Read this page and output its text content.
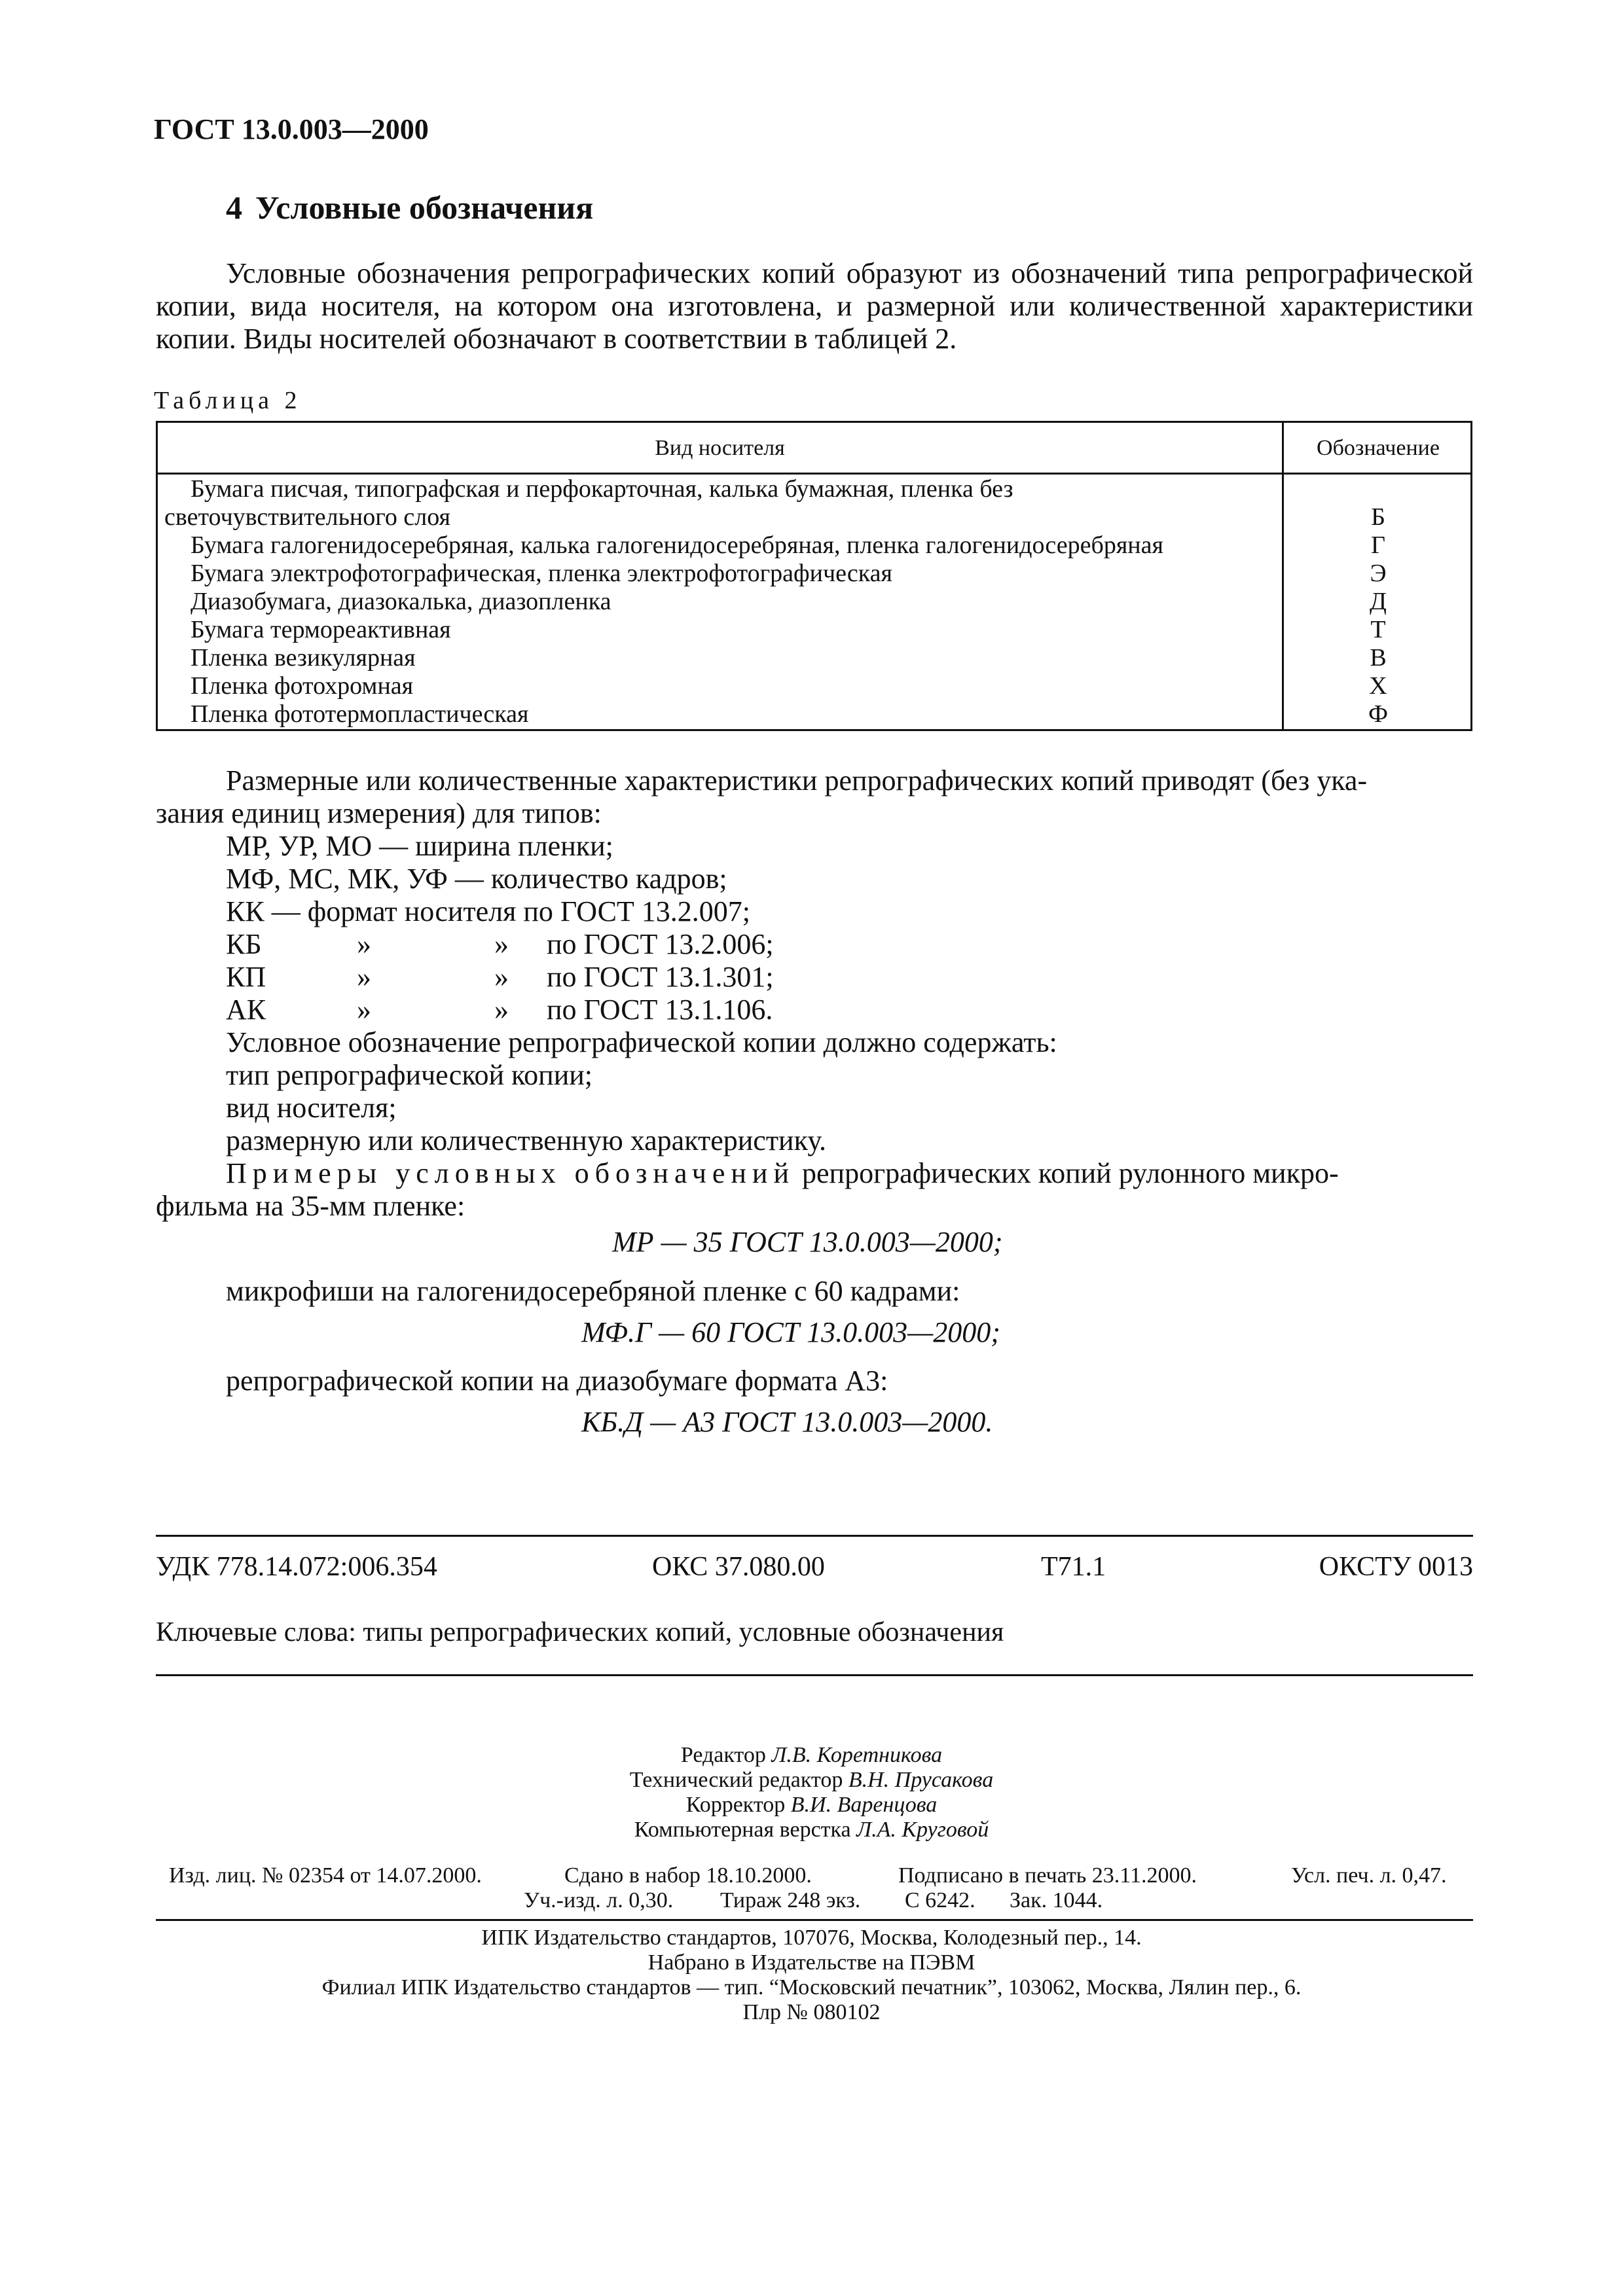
ГОСТ 13.0.003—2000
4 Условные обозначения
Условные обозначения репрографических копий образуют из обозначений типа репрографической копии, вида носителя, на котором она изготовлена, и размерной или количественной характеристики копии. Виды носителей обозначают в соответствии в таблицей 2.
Таблица 2
Вид носителя	Обозначение
Бумага писчая, типографская и перфокарточная, калька бумажная, пленка без
светочувствительного слоя	Б
Бумага галогенидосеребряная, калька галогенидосеребряная, пленка галогенидосеребряная	Г
Бумага электрофотографическая, пленка электрофотографическая	Э
Диазобумага, диазокалька, диазопленка	Д
Бумага термореактивная	Т
Пленка везикулярная	В
Пленка фотохромная	Х
Пленка фототермопластическая	Ф
Размерные или количественные характеристики репрографических копий приводят (без ука-
зания единиц измерения) для типов:
МР, УР, МО — ширина пленки;
МФ, МС, МК, УФ — количество кадров;
КК — формат носителя по ГОСТ 13.2.007;
КБ	»	» по ГОСТ 13.2.006;
КП	»	» по ГОСТ 13.1.301;
АК	»	» по ГОСТ 13.1.106.
Условное обозначение репрографической копии должно содержать:
тип репрографической копии;
вид носителя;
размерную или количественную характеристику.
Примеры условных обозначений репрографических копий рулонного микро-
фильма на 35-мм пленке:
МР — 35 ГОСТ 13.0.003—2000;
микрофиши на галогенидосеребряной пленке с 60 кадрами:
МФ.Г — 60 ГОСТ 13.0.003—2000;
репрографической копии на диазобумаге формата А3:
КБ.Д — А3 ГОСТ 13.0.003—2000.
УДК 778.14.072:006.354	ОКС 37.080.00	Т71.1	ОКСТУ 0013
Ключевые слова: типы репрографических копий, условные обозначения
Редактор Л.В. Коретникова
Технический редактор В.Н. Прусакова
Корректор В.И. Варенцова
Компьютерная верстка Л.А. Круговой
Изд. лиц. № 02354 от 14.07.2000.	Сдано в набор 18.10.2000.	Подписано в печать 23.11.2000.	Усл. печ. л. 0,47.
Уч.-изд. л. 0,30. Тираж 248 экз. С 6242. Зак. 1044.
ИПК Издательство стандартов, 107076, Москва, Колодезный пер., 14.
Набрано в Издательстве на ПЭВМ
Филиал ИПК Издательство стандартов — тип. “Московский печатник”, 103062, Москва, Лялин пер., 6.
Плр № 080102
